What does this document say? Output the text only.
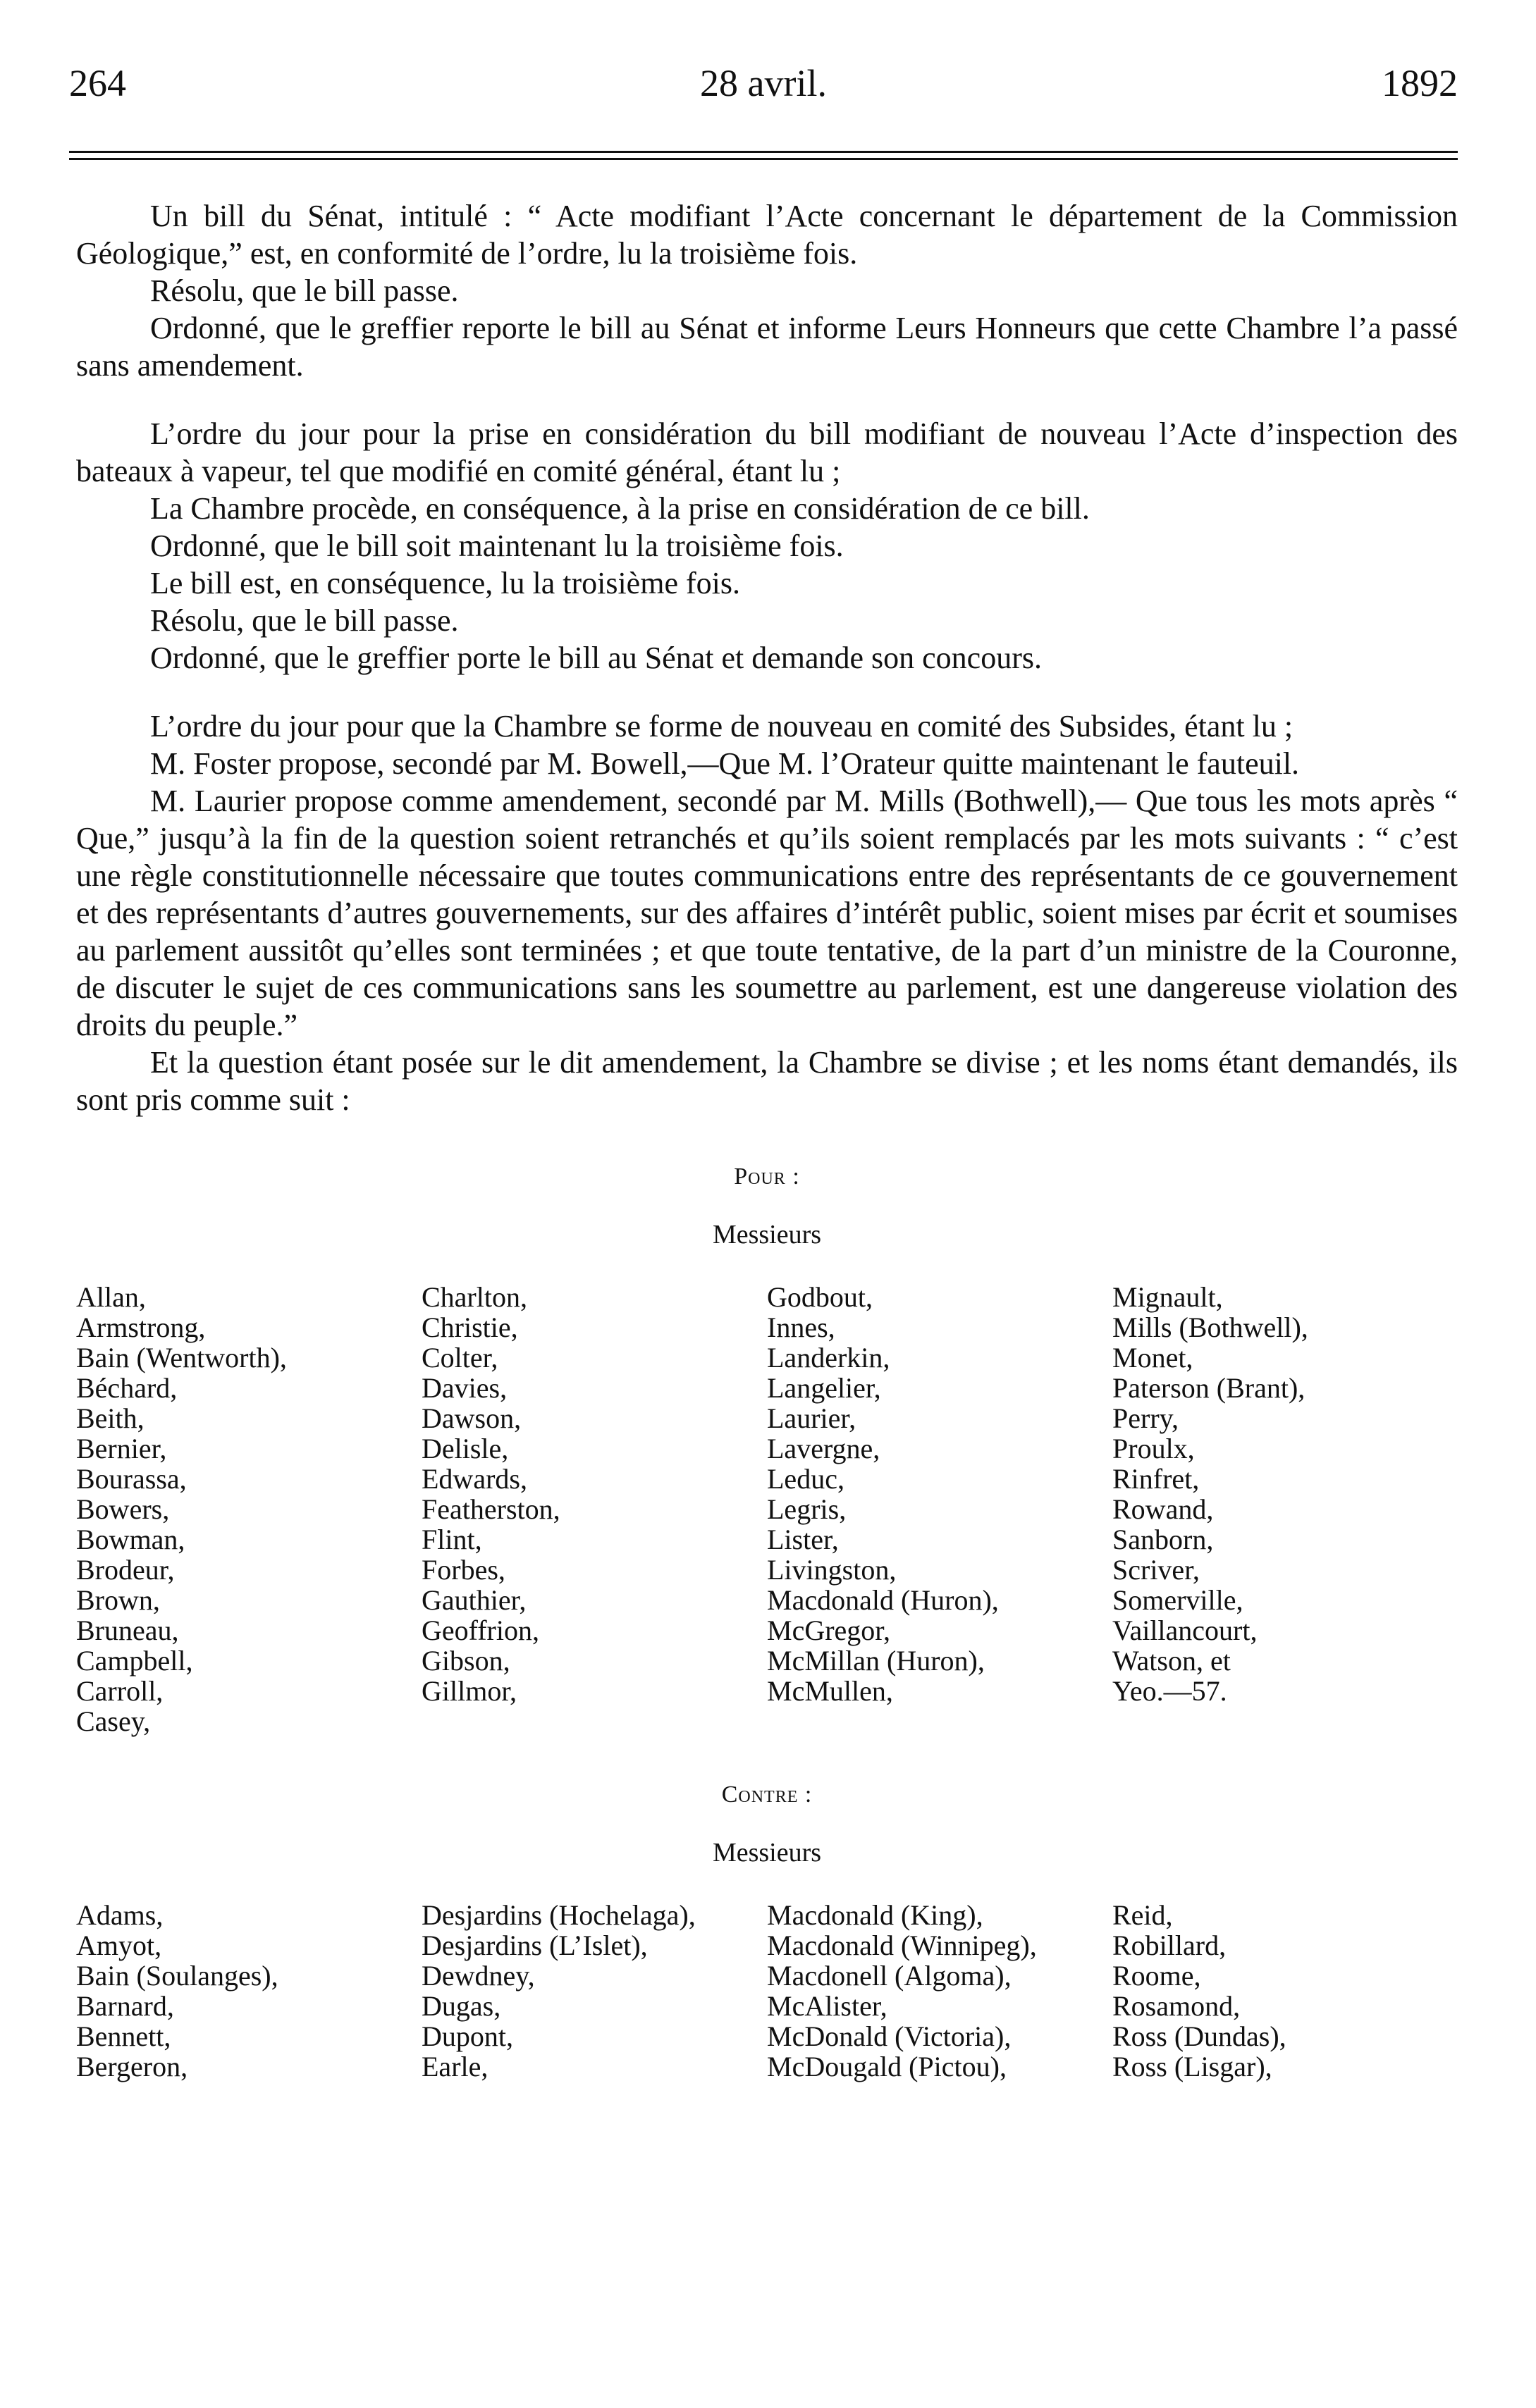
264	28 avril.	1892

Un bill du Sénat, intitulé : “ Acte modifiant l’Acte concernant le département de la Commission Géologique,” est, en conformité de l’ordre, lu la troisième fois.

Résolu, que le bill passe.

Ordonné, que le greffier reporte le bill au Sénat et informe Leurs Honneurs que cette Chambre l’a passé sans amendement.

L’ordre du jour pour la prise en considération du bill modifiant de nouveau l’Acte d’inspection des bateaux à vapeur, tel que modifié en comité général, étant lu ;

La Chambre procède, en conséquence, à la prise en considération de ce bill.

Ordonné, que le bill soit maintenant lu la troisième fois.

Le bill est, en conséquence, lu la troisième fois.

Résolu, que le bill passe.

Ordonné, que le greffier porte le bill au Sénat et demande son concours.

L’ordre du jour pour que la Chambre se forme de nouveau en comité des Subsides, étant lu ;

M. Foster propose, secondé par M. Bowell,—Que M. l’Orateur quitte maintenant le fauteuil.

M. Laurier propose comme amendement, secondé par M. Mills (Bothwell),— Que tous les mots après “ Que,” jusqu’à la fin de la question soient retranchés et qu’ils soient remplacés par les mots suivants : “ c’est une règle constitutionnelle nécessaire que toutes communications entre des représentants de ce gouvernement et des représentants d’autres gouvernements, sur des affaires d’intérêt public, soient mises par écrit et soumises au parlement aussitôt qu’elles sont terminées ; et que toute tentative, de la part d’un ministre de la Couronne, de discuter le sujet de ces communications sans les soumettre au parlement, est une dangereuse violation des droits du peuple.”

Et la question étant posée sur le dit amendement, la Chambre se divise ; et les noms étant demandés, ils sont pris comme suit :

Pour :
Messieurs
Allan,
Armstrong,
Bain (Wentworth),
Béchard,
Beith,
Bernier,
Bourassa,
Bowers,
Bowman,
Brodeur,
Brown,
Bruneau,
Campbell,
Carroll,
Casey,
Charlton,
Christie,
Colter,
Davies,
Dawson,
Delisle,
Edwards,
Featherston,
Flint,
Forbes,
Gauthier,
Geoffrion,
Gibson,
Gillmor,
Godbout,
Innes,
Landerkin,
Langelier,
Laurier,
Lavergne,
Leduc,
Legris,
Lister,
Livingston,
Macdonald (Huron),
McGregor,
McMillan (Huron),
McMullen,
Mignault,
Mills (Bothwell),
Monet,
Paterson (Brant),
Perry,
Proulx,
Rinfret,
Rowand,
Sanborn,
Scriver,
Somerville,
Vaillancourt,
Watson, et
Yeo.—57.
Contre :
Messieurs
Adams,
Amyot,
Bain (Soulanges),
Barnard,
Bennett,
Bergeron,
Desjardins (Hochelaga),
Desjardins (L’Islet),
Dewdney,
Dugas,
Dupont,
Earle,
Macdonald (King),
Macdonald (Winnipeg),
Macdonell (Algoma),
McAlister,
McDonald (Victoria),
McDougald (Pictou),
Reid,
Robillard,
Roome,
Rosamond,
Ross (Dundas),
Ross (Lisgar),
